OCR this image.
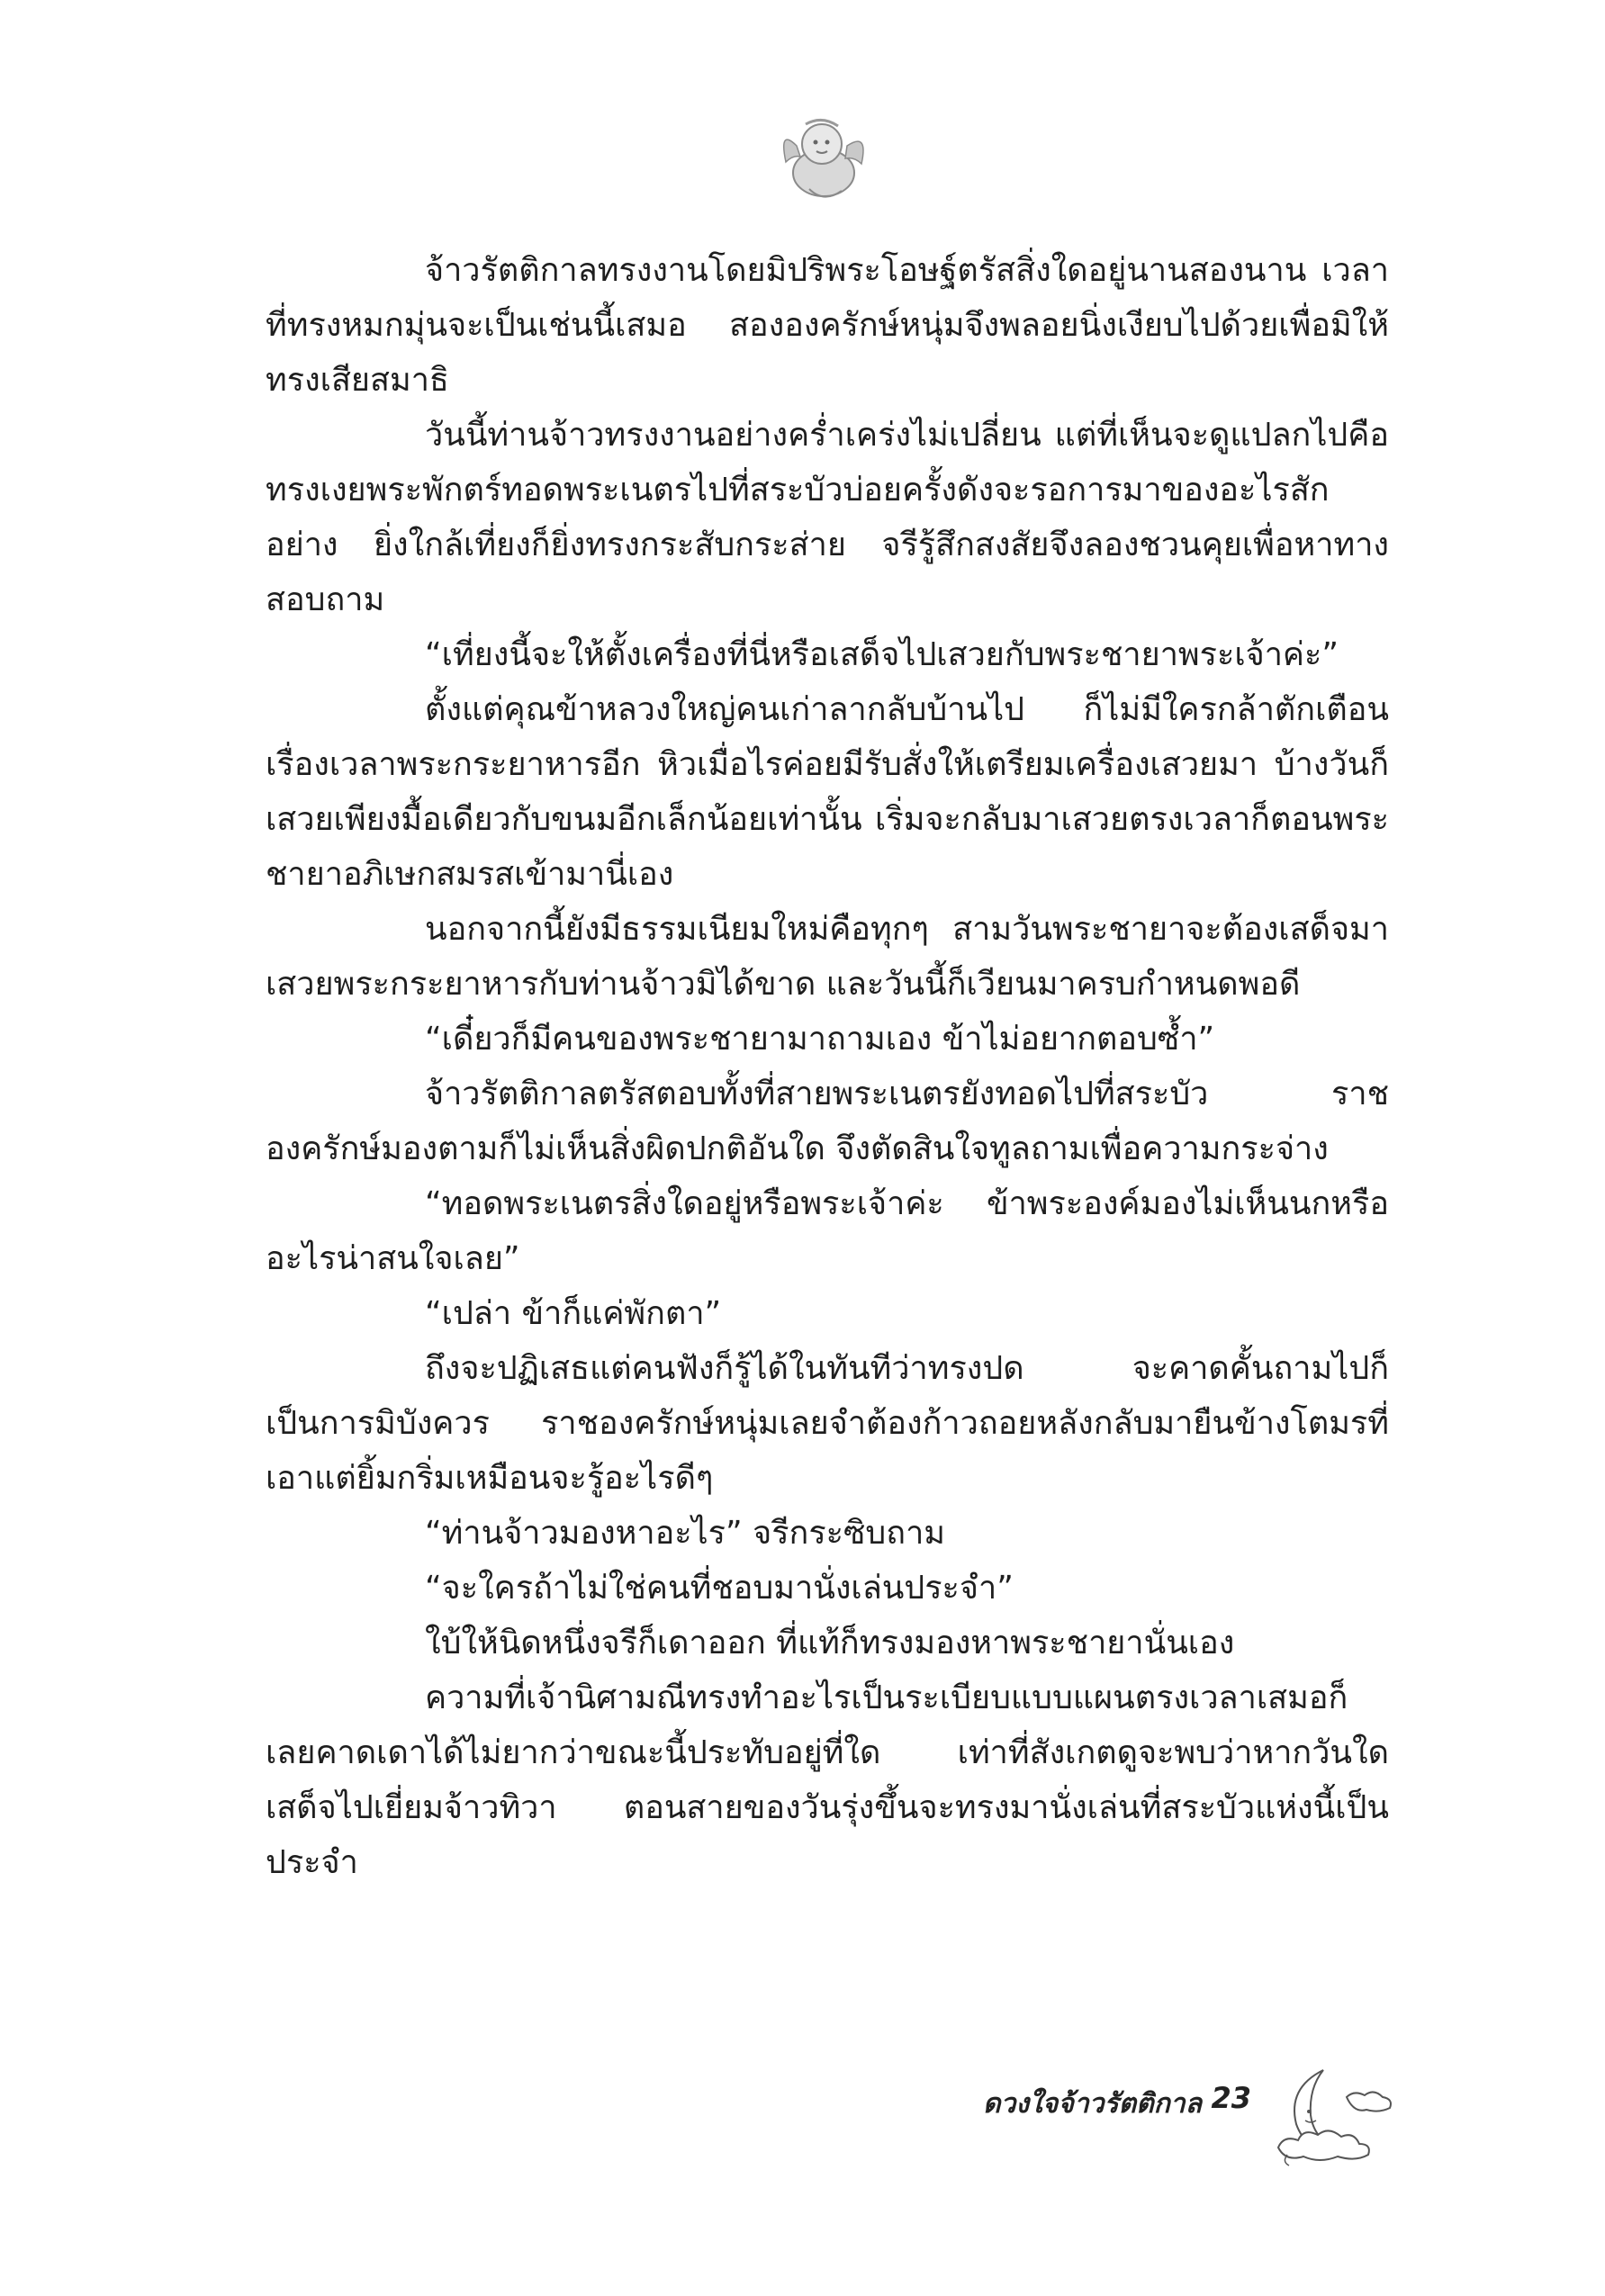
จ้าวรัตติกาลทรงงานโดยมิปริพระโอษฐ์ตรัสสิ่งใดอยู่นานสองนาน เวลาที่ทรงหมกมุ่นจะเป็นเช่นนี้เสมอ สององครักษ์หนุ่มจึงพลอยนิ่งเงียบไปด้วยเพื่อมิให้ทรงเสียสมาธิ

วันนี้ท่านจ้าวทรงงานอย่างคร่ำเคร่งไม่เปลี่ยน แต่ที่เห็นจะดูแปลกไปคือทรงเงยพระพักตร์ทอดพระเนตรไปที่สระบัวบ่อยครั้งดังจะรอการมาของอะไรสักอย่าง ยิ่งใกล้เที่ยงก็ยิ่งทรงกระสับกระส่าย จรีรู้สึกสงสัยจึงลองชวนคุยเพื่อหาทางสอบถาม

“เที่ยงนี้จะให้ตั้งเครื่องที่นี่หรือเสด็จไปเสวยกับพระชายาพระเจ้าค่ะ”

ตั้งแต่คุณข้าหลวงใหญ่คนเก่าลากลับบ้านไป ก็ไม่มีใครกล้าตักเตือนเรื่องเวลาพระกระยาหารอีก หิวเมื่อไรค่อยมีรับสั่งให้เตรียมเครื่องเสวยมา บ้างวันก็เสวยเพียงมื้อเดียวกับขนมอีกเล็กน้อยเท่านั้น เริ่มจะกลับมาเสวยตรงเวลาก็ตอนพระชายาอภิเษกสมรสเข้ามานี่เอง

นอกจากนี้ยังมีธรรมเนียมใหม่คือทุกๆ สามวันพระชายาจะต้องเสด็จมาเสวยพระกระยาหารกับท่านจ้าวมิได้ขาด และวันนี้ก็เวียนมาครบกำหนดพอดี

“เดี๋ยวก็มีคนของพระชายามาถามเอง ข้าไม่อยากตอบซ้ำ”

จ้าวรัตติกาลตรัสตอบทั้งที่สายพระเนตรยังทอดไปที่สระบัว ราชองครักษ์มองตามก็ไม่เห็นสิ่งผิดปกติอันใด จึงตัดสินใจทูลถามเพื่อความกระจ่าง

“ทอดพระเนตรสิ่งใดอยู่หรือพระเจ้าค่ะ ข้าพระองค์มองไม่เห็นนกหรืออะไรน่าสนใจเลย”

“เปล่า ข้าก็แค่พักตา”

ถึงจะปฏิเสธแต่คนฟังก็รู้ได้ในทันทีว่าทรงปด จะคาดคั้นถามไปก็เป็นการมิบังควร ราชองครักษ์หนุ่มเลยจำต้องก้าวถอยหลังกลับมายืนข้างโตมรที่เอาแต่ยิ้มกริ่มเหมือนจะรู้อะไรดีๆ

“ท่านจ้าวมองหาอะไร” จรีกระซิบถาม

“จะใครถ้าไม่ใช่คนที่ชอบมานั่งเล่นประจำ”

ใบ้ให้นิดหนึ่งจรีก็เดาออก ที่แท้ก็ทรงมองหาพระชายานั่นเอง

ความที่เจ้านิศามณีทรงทำอะไรเป็นระเบียบแบบแผนตรงเวลาเสมอก็เลยคาดเดาได้ไม่ยากว่าขณะนี้ประทับอยู่ที่ใด เท่าที่สังเกตดูจะพบว่าหากวันใดเสด็จไปเยี่ยมจ้าวทิวา ตอนสายของวันรุ่งขึ้นจะทรงมานั่งเล่นที่สระบัวแห่งนี้เป็นประจำ

ดวงใจจ้าวรัตติกาล 23
